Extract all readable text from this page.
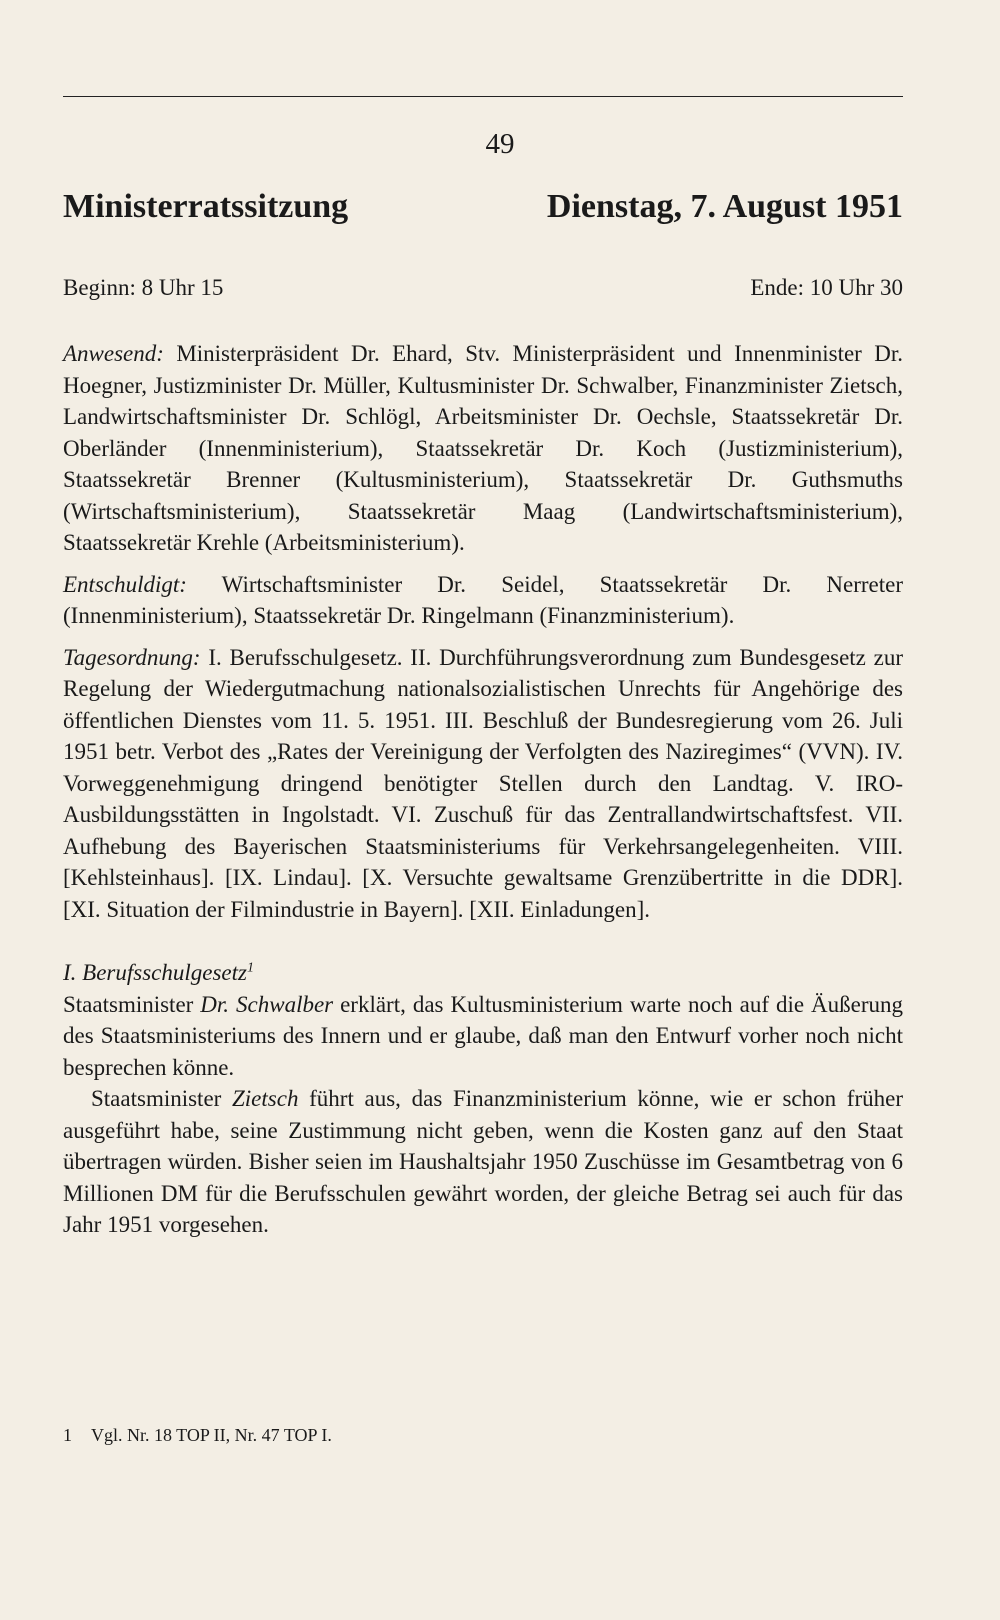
49
Ministerratssitzung	Dienstag, 7. August 1951
Beginn: 8 Uhr 15	Ende: 10 Uhr 30

Anwesend: Ministerpräsident Dr. Ehard, Stv. Ministerpräsident und Innenminister Dr. Hoegner, Justizminister Dr. Müller, Kultusminister Dr. Schwalber, Finanzminister Zietsch, Landwirtschaftsminister Dr. Schlögl, Arbeitsminister Dr. Oechsle, Staatssekretär Dr. Oberländer (Innenministerium), Staatssekretär Dr. Koch (Justizministerium), Staatssekretär Brenner (Kultusministerium), Staatssekretär Dr. Guthsmuths (Wirtschaftsministerium), Staatssekretär Maag (Landwirtschaftsministerium), Staatssekretär Krehle (Arbeitsministerium).

Entschuldigt: Wirtschaftsminister Dr. Seidel, Staatssekretär Dr. Nerreter (Innenministerium), Staatssekretär Dr. Ringelmann (Finanzministerium).

Tagesordnung: I. Berufsschulgesetz. II. Durchführungsverordnung zum Bundesgesetz zur Regelung der Wiedergutmachung nationalsozialistischen Unrechts für Angehörige des öffentlichen Dienstes vom 11. 5. 1951. III. Beschluß der Bundesregierung vom 26. Juli 1951 betr. Verbot des „Rates der Vereinigung der Verfolgten des Naziregimes“ (VVN). IV. Vorweggenehmigung dringend benötigter Stellen durch den Landtag. V. IRO-Ausbildungsstätten in Ingolstadt. VI. Zuschuß für das Zentrallandwirtschaftsfest. VII. Aufhebung des Bayerischen Staatsministeriums für Verkehrsangelegenheiten. VIII. [Kehlsteinhaus]. [IX. Lindau]. [X. Versuchte gewaltsame Grenzübertritte in die DDR]. [XI. Situation der Filmindustrie in Bayern]. [XII. Einladungen].

I. Berufsschulgesetz$^1$

Staatsminister Dr. Schwalber erklärt, das Kultusministerium warte noch auf die Äußerung des Staatsministeriums des Innern und er glaube, daß man den Entwurf vorher noch nicht besprechen könne.

Staatsminister Zietsch führt aus, das Finanzministerium könne, wie er schon früher ausgeführt habe, seine Zustimmung nicht geben, wenn die Kosten ganz auf den Staat übertragen würden. Bisher seien im Haushaltsjahr 1950 Zuschüsse im Gesamtbetrag von 6 Millionen DM für die Berufsschulen gewährt worden, der gleiche Betrag sei auch für das Jahr 1951 vorgesehen.

1 Vgl. Nr. 18 TOP II, Nr. 47 TOP I.
